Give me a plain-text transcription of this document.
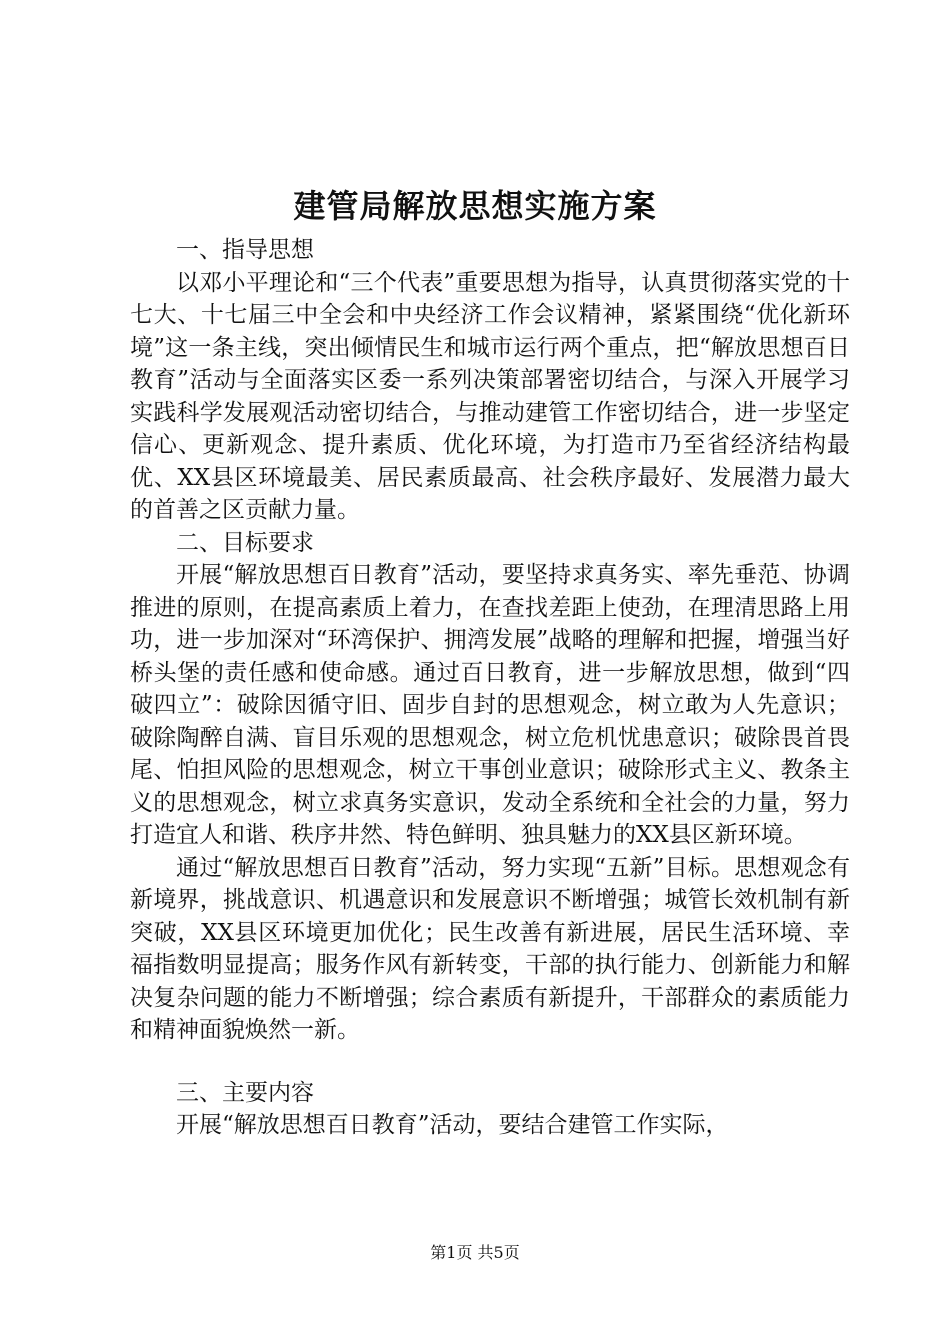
建管局解放思想实施方案

一、指导思想

以邓小平理论和“三个代表”重要思想为指导，认真贯彻落实党的十七大、十七届三中全会和中央经济工作会议精神，紧紧围绕“优化新环境”这一条主线，突出倾情民生和城市运行两个重点，把“解放思想百日教育”活动与全面落实区委一系列决策部署密切结合，与深入开展学习实践科学发展观活动密切结合，与推动建管工作密切结合，进一步坚定信心、更新观念、提升素质、优化环境，为打造市乃至省经济结构最优、XX县区环境最美、居民素质最高、社会秩序最好、发展潜力最大的首善之区贡献力量。

二、目标要求

开展“解放思想百日教育”活动，要坚持求真务实、率先垂范、协调推进的原则，在提高素质上着力，在查找差距上使劲，在理清思路上用功，进一步加深对“环湾保护、拥湾发展”战略的理解和把握，增强当好桥头堡的责任感和使命感。通过百日教育，进一步解放思想，做到“四破四立”：破除因循守旧、固步自封的思想观念，树立敢为人先意识；破除陶醉自满、盲目乐观的思想观念，树立危机忧患意识；破除畏首畏尾、怕担风险的思想观念，树立干事创业意识；破除形式主义、教条主义的思想观念，树立求真务实意识，发动全系统和全社会的力量，努力打造宜人和谐、秩序井然、特色鲜明、独具魅力的XX县区新环境。

通过“解放思想百日教育”活动，努力实现“五新”目标。思想观念有新境界，挑战意识、机遇意识和发展意识不断增强；城管长效机制有新突破，XX县区环境更加优化；民生改善有新进展，居民生活环境、幸福指数明显提高；服务作风有新转变，干部的执行能力、创新能力和解决复杂问题的能力不断增强；综合素质有新提升，干部群众的素质能力和精神面貌焕然一新。

三、主要内容

开展“解放思想百日教育”活动，要结合建管工作实际，

第1页 共5页
